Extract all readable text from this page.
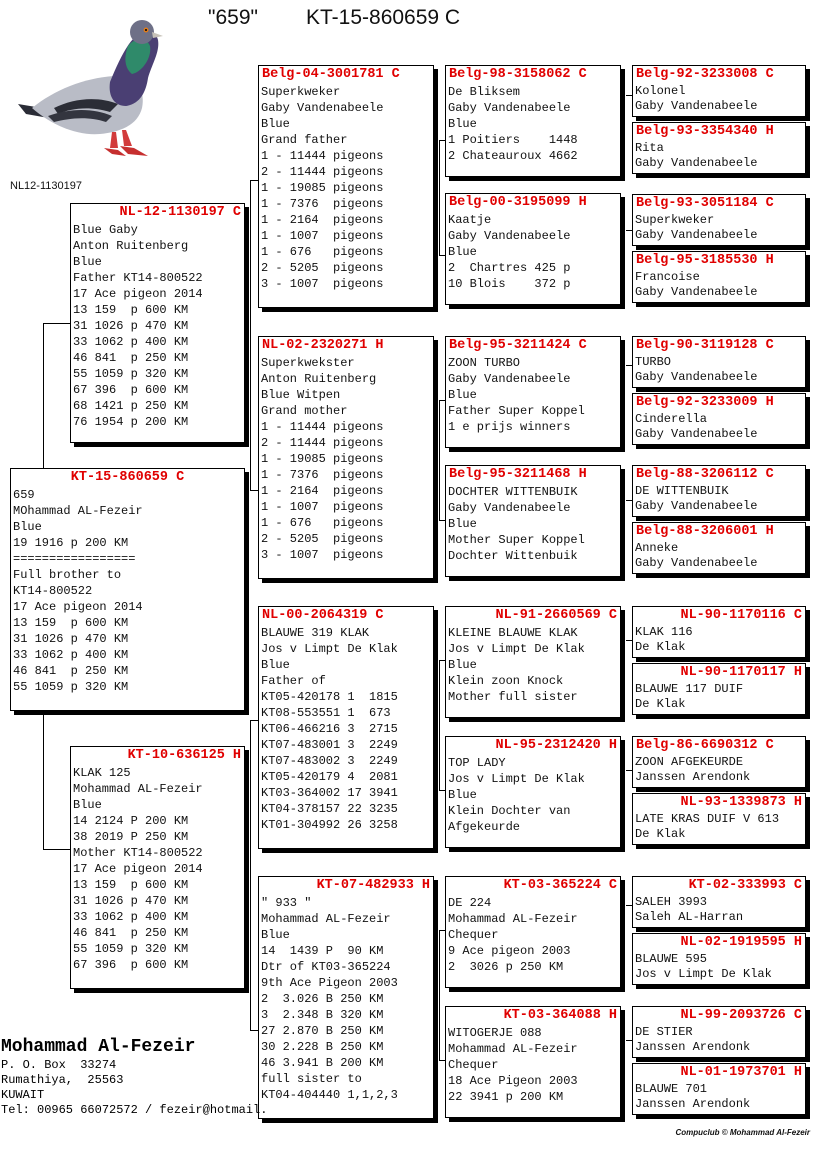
"659" KT-15-860659 C
NL12-1130197
KT-15-860659 C
659
MOhammad AL-Fezeir
Blue
19 1916 p 200 KM
=================
Full brother to
KT14-800522
17 Ace pigeon 2014
13 159  p 600 KM
31 1026 p 470 KM
33 1062 p 400 KM
46 841  p 250 KM
55 1059 p 320 KM
NL-12-1130197 C
Blue Gaby
Anton Ruitenberg
Blue
Father KT14-800522
17 Ace pigeon 2014
13 159  p 600 KM
31 1026 p 470 KM
33 1062 p 400 KM
46 841  p 250 KM
55 1059 p 320 KM
67 396  p 600 KM
68 1421 p 250 KM
76 1954 p 200 KM
KT-10-636125 H
KLAK 125
Mohammad AL-Fezeir
Blue
14 2124 P 200 KM
38 2019 P 250 KM
Mother KT14-800522
17 Ace pigeon 2014
13 159  p 600 KM
31 1026 p 470 KM
33 1062 p 400 KM
46 841  p 250 KM
55 1059 p 320 KM
67 396  p 600 KM
Belg-04-3001781 C
Superkweker
Gaby Vandenabeele
Blue
Grand father
1 - 11444 pigeons
2 - 11444 pigeons
1 - 19085 pigeons
1 - 7376  pigeons
1 - 2164  pigeons
1 - 1007  pigeons
1 - 676   pigeons
2 - 5205  pigeons
3 - 1007  pigeons
NL-02-2320271 H
Superkwekster
Anton Ruitenberg
Blue Witpen
Grand mother
1 - 11444 pigeons
2 - 11444 pigeons
1 - 19085 pigeons
1 - 7376  pigeons
1 - 2164  pigeons
1 - 1007  pigeons
1 - 676   pigeons
2 - 5205  pigeons
3 - 1007  pigeons
NL-00-2064319 C
BLAUWE 319 KLAK
Jos v Limpt De Klak
Blue
Father of
KT05-420178 1  1815
KT08-553551 1  673
KT06-466216 3  2715
KT07-483001 3  2249
KT07-483002 3  2249
KT05-420179 4  2081
KT03-364002 17 3941
KT04-378157 22 3235
KT01-304992 26 3258
KT-07-482933 H
" 933 "
Mohammad AL-Fezeir
Blue
14  1439 P  90 KM
Dtr of KT03-365224
9th Ace Pigeon 2003
2  3.026 B 250 KM
3  2.348 B 320 KM
27 2.870 B 250 KM
30 2.228 B 250 KM
46 3.941 B 200 KM
full sister to
KT04-404440 1,1,2,3
Belg-98-3158062 C
De Bliksem
Gaby Vandenabeele
Blue
1 Poitiers    1448
2 Chateauroux 4662
Belg-00-3195099 H
Kaatje
Gaby Vandenabeele
Blue
2  Chartres 425 p
10 Blois    372 p
Belg-95-3211424 C
ZOON TURBO
Gaby Vandenabeele
Blue
Father Super Koppel
1 e prijs winners
Belg-95-3211468 H
DOCHTER WITTENBUIK
Gaby Vandenabeele
Blue
Mother Super Koppel
Dochter Wittenbuik
NL-91-2660569 C
KLEINE BLAUWE KLAK
Jos v Limpt De Klak
Blue
Klein zoon Knock
Mother full sister
NL-95-2312420 H
TOP LADY
Jos v Limpt De Klak
Blue
Klein Dochter van
Afgekeurde
KT-03-365224 C
DE 224
Mohammad AL-Fezeir
Chequer
9 Ace pigeon 2003
2  3026 p 250 KM
KT-03-364088 H
WITOGERJE 088
Mohammad AL-Fezeir
Chequer
18 Ace Pigeon 2003
22 3941 p 200 KM
Belg-92-3233008 C
Kolonel
Gaby Vandenabeele
Belg-93-3354340 H
Rita
Gaby Vandenabeele
Belg-93-3051184 C
Superkweker
Gaby Vandenabeele
Belg-95-3185530 H
Francoise
Gaby Vandenabeele
Belg-90-3119128 C
TURBO
Gaby Vandenabeele
Belg-92-3233009 H
Cinderella
Gaby Vandenabeele
Belg-88-3206112 C
DE WITTENBUIK
Gaby Vandenabeele
Belg-88-3206001 H
Anneke
Gaby Vandenabeele
NL-90-1170116 C
KLAK 116
De Klak
NL-90-1170117 H
BLAUWE 117 DUIF
De Klak
Belg-86-6690312 C
ZOON AFGEKEURDE
Janssen Arendonk
NL-93-1339873 H
LATE KRAS DUIF V 613
De Klak
KT-02-333993 C
SALEH 3993
Saleh AL-Harran
NL-02-1919595 H
BLAUWE 595
Jos v Limpt De Klak
NL-99-2093726 C
DE STIER
Janssen Arendonk
NL-01-1973701 H
BLAUWE 701
Janssen Arendonk
Mohammad Al-Fezeir
P. O. Box  33274
Rumathiya,  25563
KUWAIT
Tel: 00965 66072572 / fezeir@hotmail.
Compuclub © Mohammad Al-Fezeir
